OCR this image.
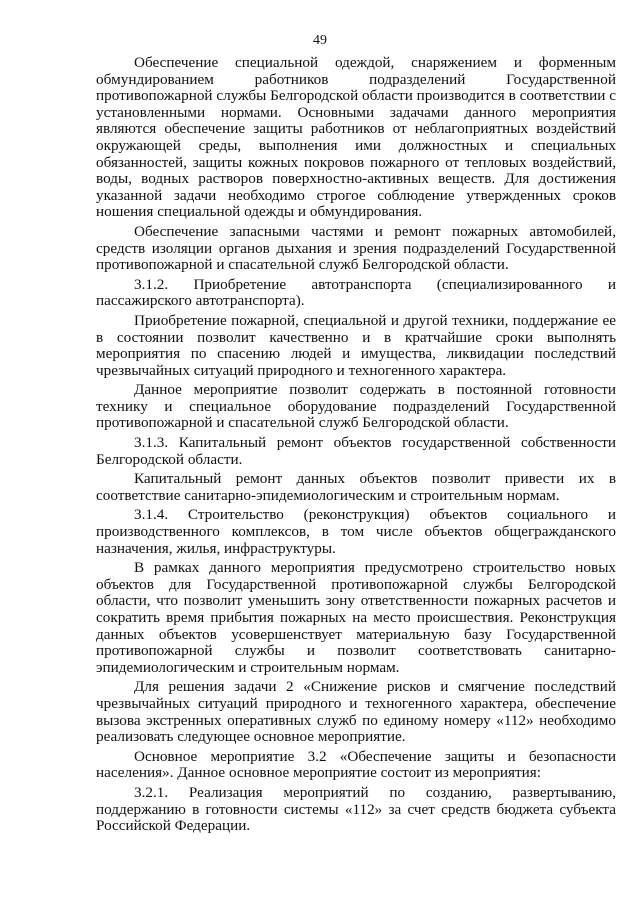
49

Обеспечение специальной одеждой, снаряжением и форменным обмундированием работников подразделений Государственной противопожарной службы Белгородской области производится в соответствии с установленными нормами. Основными задачами данного мероприятия являются обеспечение защиты работников от неблагоприятных воздействий окружающей среды, выполнения ими должностных и специальных обязанностей, защиты кожных покровов пожарного от тепловых воздействий, воды, водных растворов поверхностно-активных веществ. Для достижения указанной задачи необходимо строгое соблюдение утвержденных сроков ношения специальной одежды и обмундирования.

Обеспечение запасными частями и ремонт пожарных автомобилей, средств изоляции органов дыхания и зрения подразделений Государственной противопожарной и спасательной служб Белгородской области.

3.1.2. Приобретение автотранспорта (специализированного и пассажирского автотранспорта).

Приобретение пожарной, специальной и другой техники, поддержание ее в состоянии позволит качественно и в кратчайшие сроки выполнять мероприятия по спасению людей и имущества, ликвидации последствий чрезвычайных ситуаций природного и техногенного характера.

Данное мероприятие позволит содержать в постоянной готовности технику и специальное оборудование подразделений Государственной противопожарной и спасательной служб Белгородской области.

3.1.3. Капитальный ремонт объектов государственной собственности Белгородской области.

Капитальный ремонт данных объектов позволит привести их в соответствие санитарно-эпидемиологическим и строительным нормам.

3.1.4. Строительство (реконструкция) объектов социального и производственного комплексов, в том числе объектов общегражданского назначения, жилья, инфраструктуры.

В рамках данного мероприятия предусмотрено строительство новых объектов для Государственной противопожарной службы Белгородской области, что позволит уменьшить зону ответственности пожарных расчетов и сократить время прибытия пожарных на место происшествия. Реконструкция данных объектов усовершенствует материальную базу Государственной противопожарной службы и позволит соответствовать санитарно-эпидемиологическим и строительным нормам.

Для решения задачи 2 «Снижение рисков и смягчение последствий чрезвычайных ситуаций природного и техногенного характера, обеспечение вызова экстренных оперативных служб по единому номеру «112» необходимо реализовать следующее основное мероприятие.

Основное мероприятие 3.2 «Обеспечение защиты и безопасности населения». Данное основное мероприятие состоит из мероприятия:

3.2.1. Реализация мероприятий по созданию, развертыванию, поддержанию в готовности системы «112» за счет средств бюджета субъекта Российской Федерации.
